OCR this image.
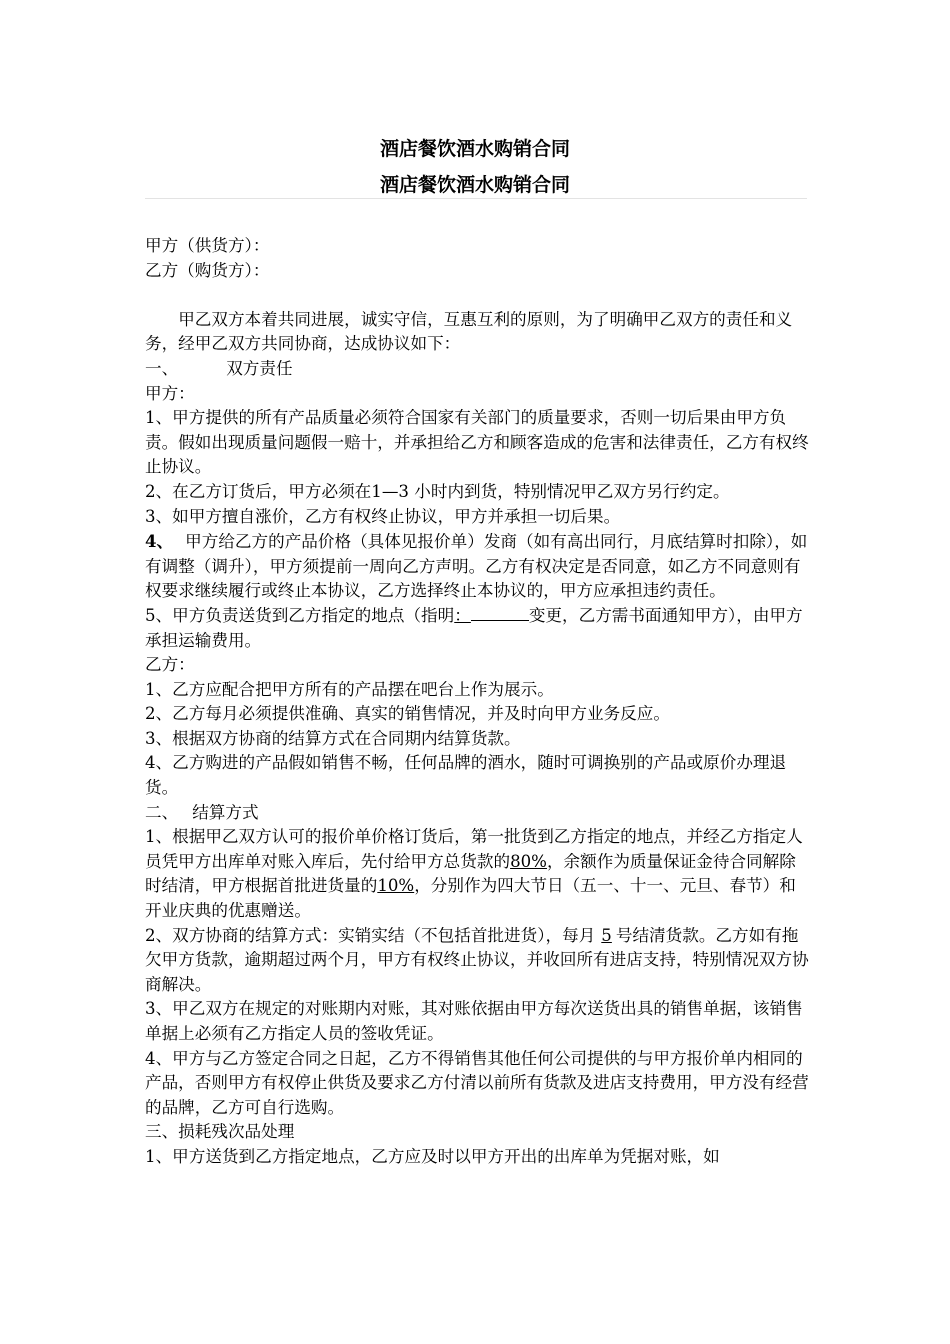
酒店餐饮酒水购销合同
酒店餐饮酒水购销合同

甲方（供货方）：

乙方（购货方）：

甲乙双方本着共同进展，诚实守信，互惠互利的原则，为了明确甲乙双方的责任和义务，经甲乙双方共同协商，达成协议如下：

一、	双方责任

甲方：

1、甲方提供的所有产品质量必须符合国家有关部门的质量要求，否则一切后果由甲方负责。假如出现质量问题假一赔十，并承担给乙方和顾客造成的危害和法律责任，乙方有权终止协议。

2、在乙方订货后，甲方必须在1—3 小时内到货，特别情况甲乙双方另行约定。

3、如甲方擅自涨价，乙方有权终止协议，甲方并承担一切后果。

4、 甲方给乙方的产品价格（具体见报价单）发商（如有高出同行，月底结算时扣除），如有调整（调升），甲方须提前一周向乙方声明。乙方有权决定是否同意，如乙方不同意则有权要求继续履行或终止本协议，乙方选择终止本协议的，甲方应承担违约责任。

5、甲方负责送货到乙方指定的地点（指明：	变更，乙方需书面通知甲方），由甲方承担运输费用。

乙方：

1、乙方应配合把甲方所有的产品摆在吧台上作为展示。

2、乙方每月必须提供准确、真实的销售情况，并及时向甲方业务反应。

3、根据双方协商的结算方式在合同期内结算货款。

4、乙方购进的产品假如销售不畅，任何品牌的酒水，随时可调换别的产品或原价办理退货。

二、 结算方式

1、根据甲乙双方认可的报价单价格订货后，第一批货到乙方指定的地点，并经乙方指定人员凭甲方出库单对账入库后，先付给甲方总货款的80%，余额作为质量保证金待合同解除时结清，甲方根据首批进货量的10%，分别作为四大节日（五一、十一、元旦、春节）和开业庆典的优惠赠送。

2、双方协商的结算方式：实销实结（不包括首批进货），每月 5 号结清货款。乙方如有拖欠甲方货款，逾期超过两个月，甲方有权终止协议，并收回所有进店支持，特别情况双方协商解决。

3、甲乙双方在规定的对账期内对账，其对账依据由甲方每次送货出具的销售单据，该销售单据上必须有乙方指定人员的签收凭证。

4、甲方与乙方签定合同之日起，乙方不得销售其他任何公司提供的与甲方报价单内相同的产品，否则甲方有权停止供货及要求乙方付清以前所有货款及进店支持费用，甲方没有经营的品牌，乙方可自行选购。

三、损耗残次品处理

1、甲方送货到乙方指定地点，乙方应及时以甲方开出的出库单为凭据对账，如
